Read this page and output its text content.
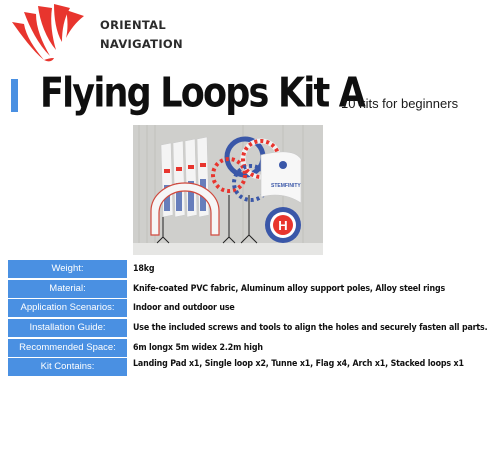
ORIENTAL
NAVIGATION
Flying Loops Kit A
10 kits for beginners
STEMFINITY
H
Weight:	18kg
Material:	Knife-coated PVC fabric, Aluminum alloy support poles, Alloy steel rings
Application Scenarios:	Indoor and outdoor use
Installation Guide:	Use the included screws and tools to align the holes and securely fasten all parts.
Recommended Space:	6m longx 5m widex 2.2m high
Kit Contains:	Landing Pad x1, Single loop x2, Tunne x1, Flag x4, Arch x1, Stacked loops x1
